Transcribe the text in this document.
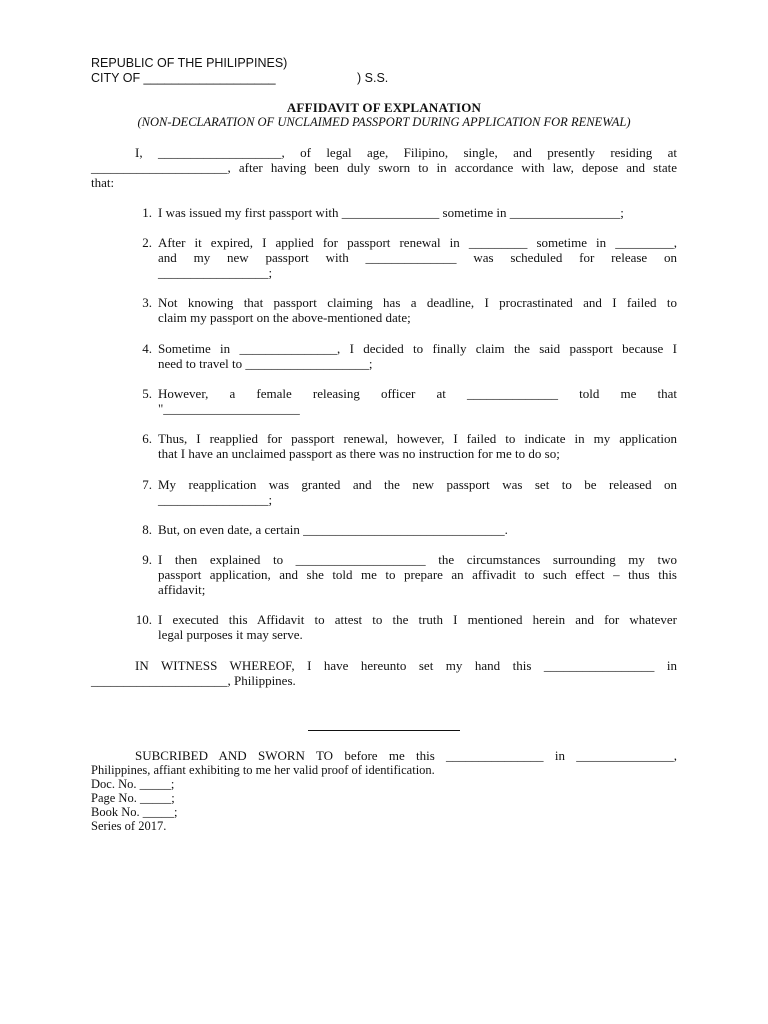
REPUBLIC OF THE PHILIPPINES)
CITY OF ___________________	) S.S.
AFFIDAVIT OF EXPLANATION
(NON-DECLARATION OF UNCLAIMED PASSPORT DURING APPLICATION FOR RENEWAL)
I, ___________________, of legal age, Filipino, single, and presently residing at
_____________________, after having been duly sworn to in accordance with law, depose and state
that:
1. I was issued my first passport with _______________ sometime in _________________;
2. After it expired, I applied for passport renewal in _________ sometime in _________,
and my new passport with ______________ was scheduled for release on
_________________;
3. Not knowing that passport claiming has a deadline, I procrastinated and I failed to
claim my passport on the above-mentioned date;
4. Sometime in _______________, I decided to finally claim the said passport because I
need to travel to ___________________;
5. However, a female releasing officer at ______________ told me that
"_____________________
6. Thus, I reapplied for passport renewal, however, I failed to indicate in my application
that I have an unclaimed passport as there was no instruction for me to do so;
7. My reapplication was granted and the new passport was set to be released on
_________________;
8. But, on even date, a certain _______________________________.
9. I then explained to ____________________ the circumstances surrounding my two
passport application, and she told me to prepare an affivadit to such effect – thus this
affidavit;
10. I executed this Affidavit to attest to the truth I mentioned herein and for whatever
legal purposes it may serve.
IN WITNESS WHEREOF, I have hereunto set my hand this _________________ in
_____________________, Philippines.
SUBCRIBED AND SWORN TO before me this _______________ in _______________,
Philippines, affiant exhibiting to me her valid proof of identification.
Doc. No. _____;
Page No. _____;
Book No. _____;
Series of 2017.
